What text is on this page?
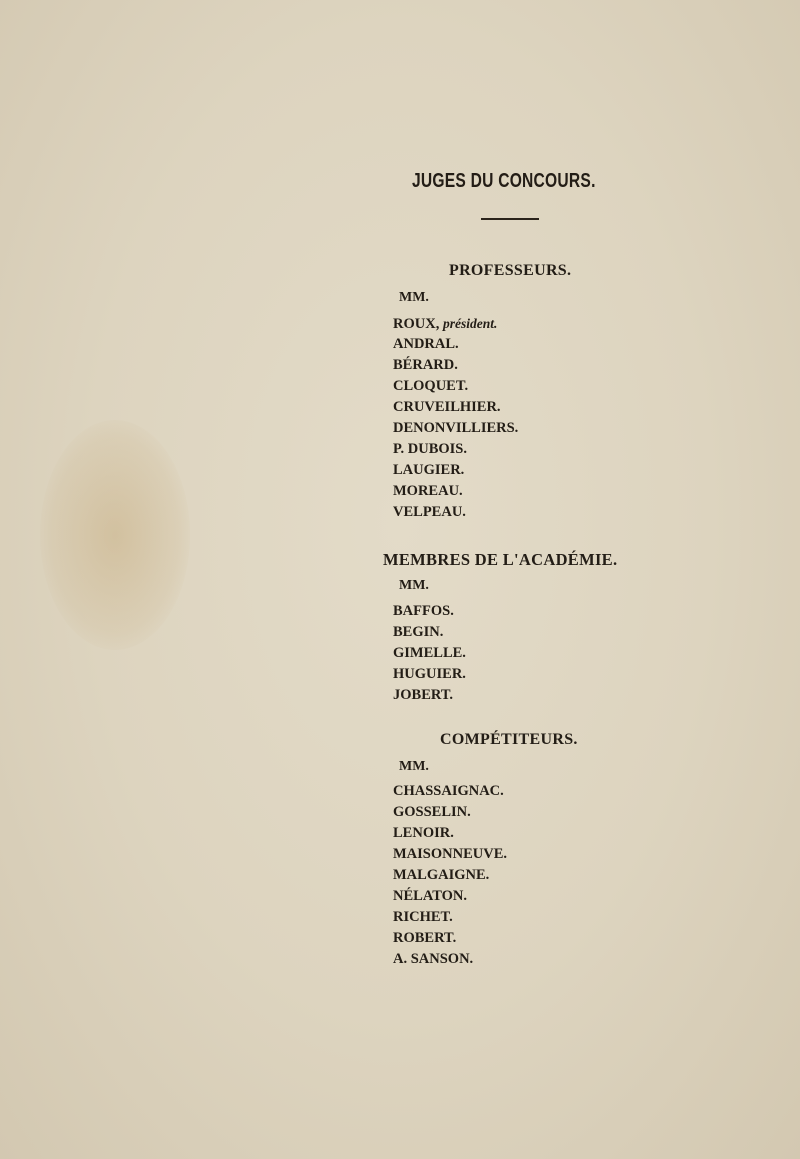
JUGES DU CONCOURS.
PROFESSEURS.
MM.
ROUX, président.
ANDRAL.
BÉRARD.
CLOQUET.
CRUVEILHIER.
DENONVILLIERS.
P. DUBOIS.
LAUGIER.
MOREAU.
VELPEAU.
MEMBRES DE L'ACADÉMIE.
MM.
BAFFOS.
BEGIN.
GIMELLE.
HUGUIER.
JOBERT.
COMPÉTITEURS.
MM.
CHASSAIGNAC.
GOSSELIN.
LENOIR.
MAISONNEUVE.
MALGAIGNE.
NÉLATON.
RICHET.
ROBERT.
A. SANSON.
